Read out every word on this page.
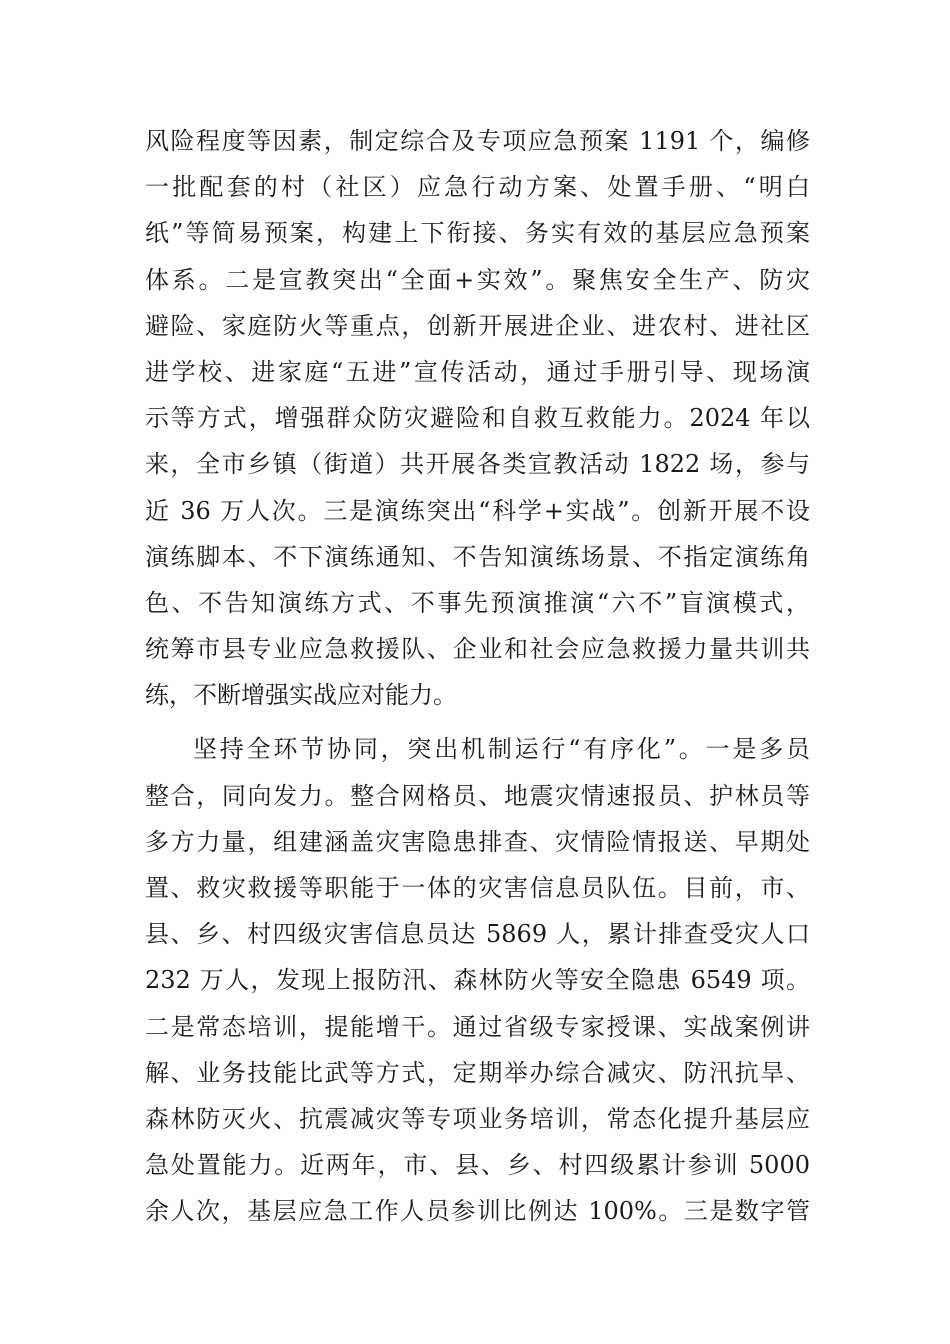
风险程度等因素，制定综合及专项应急预案 1191 个，编修
一批配套的村（社区）应急行动方案、处置手册、“明白
纸”等简易预案，构建上下衔接、务实有效的基层应急预案
体系。二是宣教突出“全面+实效”。聚焦安全生产、防灾
避险、家庭防火等重点，创新开展进企业、进农村、进社区
进学校、进家庭“五进”宣传活动，通过手册引导、现场演
示等方式，增强群众防灾避险和自救互救能力。2024 年以
来，全市乡镇（街道）共开展各类宣教活动 1822 场，参与
近 36 万人次。三是演练突出“科学+实战”。创新开展不设
演练脚本、不下演练通知、不告知演练场景、不指定演练角
色、不告知演练方式、不事先预演推演“六不”盲演模式，
统筹市县专业应急救援队、企业和社会应急救援力量共训共
练，不断增强实战应对能力。
坚持全环节协同，突出机制运行“有序化”。一是多员
整合，同向发力。整合网格员、地震灾情速报员、护林员等
多方力量，组建涵盖灾害隐患排查、灾情险情报送、早期处
置、救灾救援等职能于一体的灾害信息员队伍。目前，市、
县、乡、村四级灾害信息员达 5869 人，累计排查受灾人口
232 万人，发现上报防汛、森林防火等安全隐患 6549 项。
二是常态培训，提能增干。通过省级专家授课、实战案例讲
解、业务技能比武等方式，定期举办综合减灾、防汛抗旱、
森林防灭火、抗震减灾等专项业务培训，常态化提升基层应
急处置能力。近两年，市、县、乡、村四级累计参训 5000
余人次，基层应急工作人员参训比例达 100%。三是数字管
